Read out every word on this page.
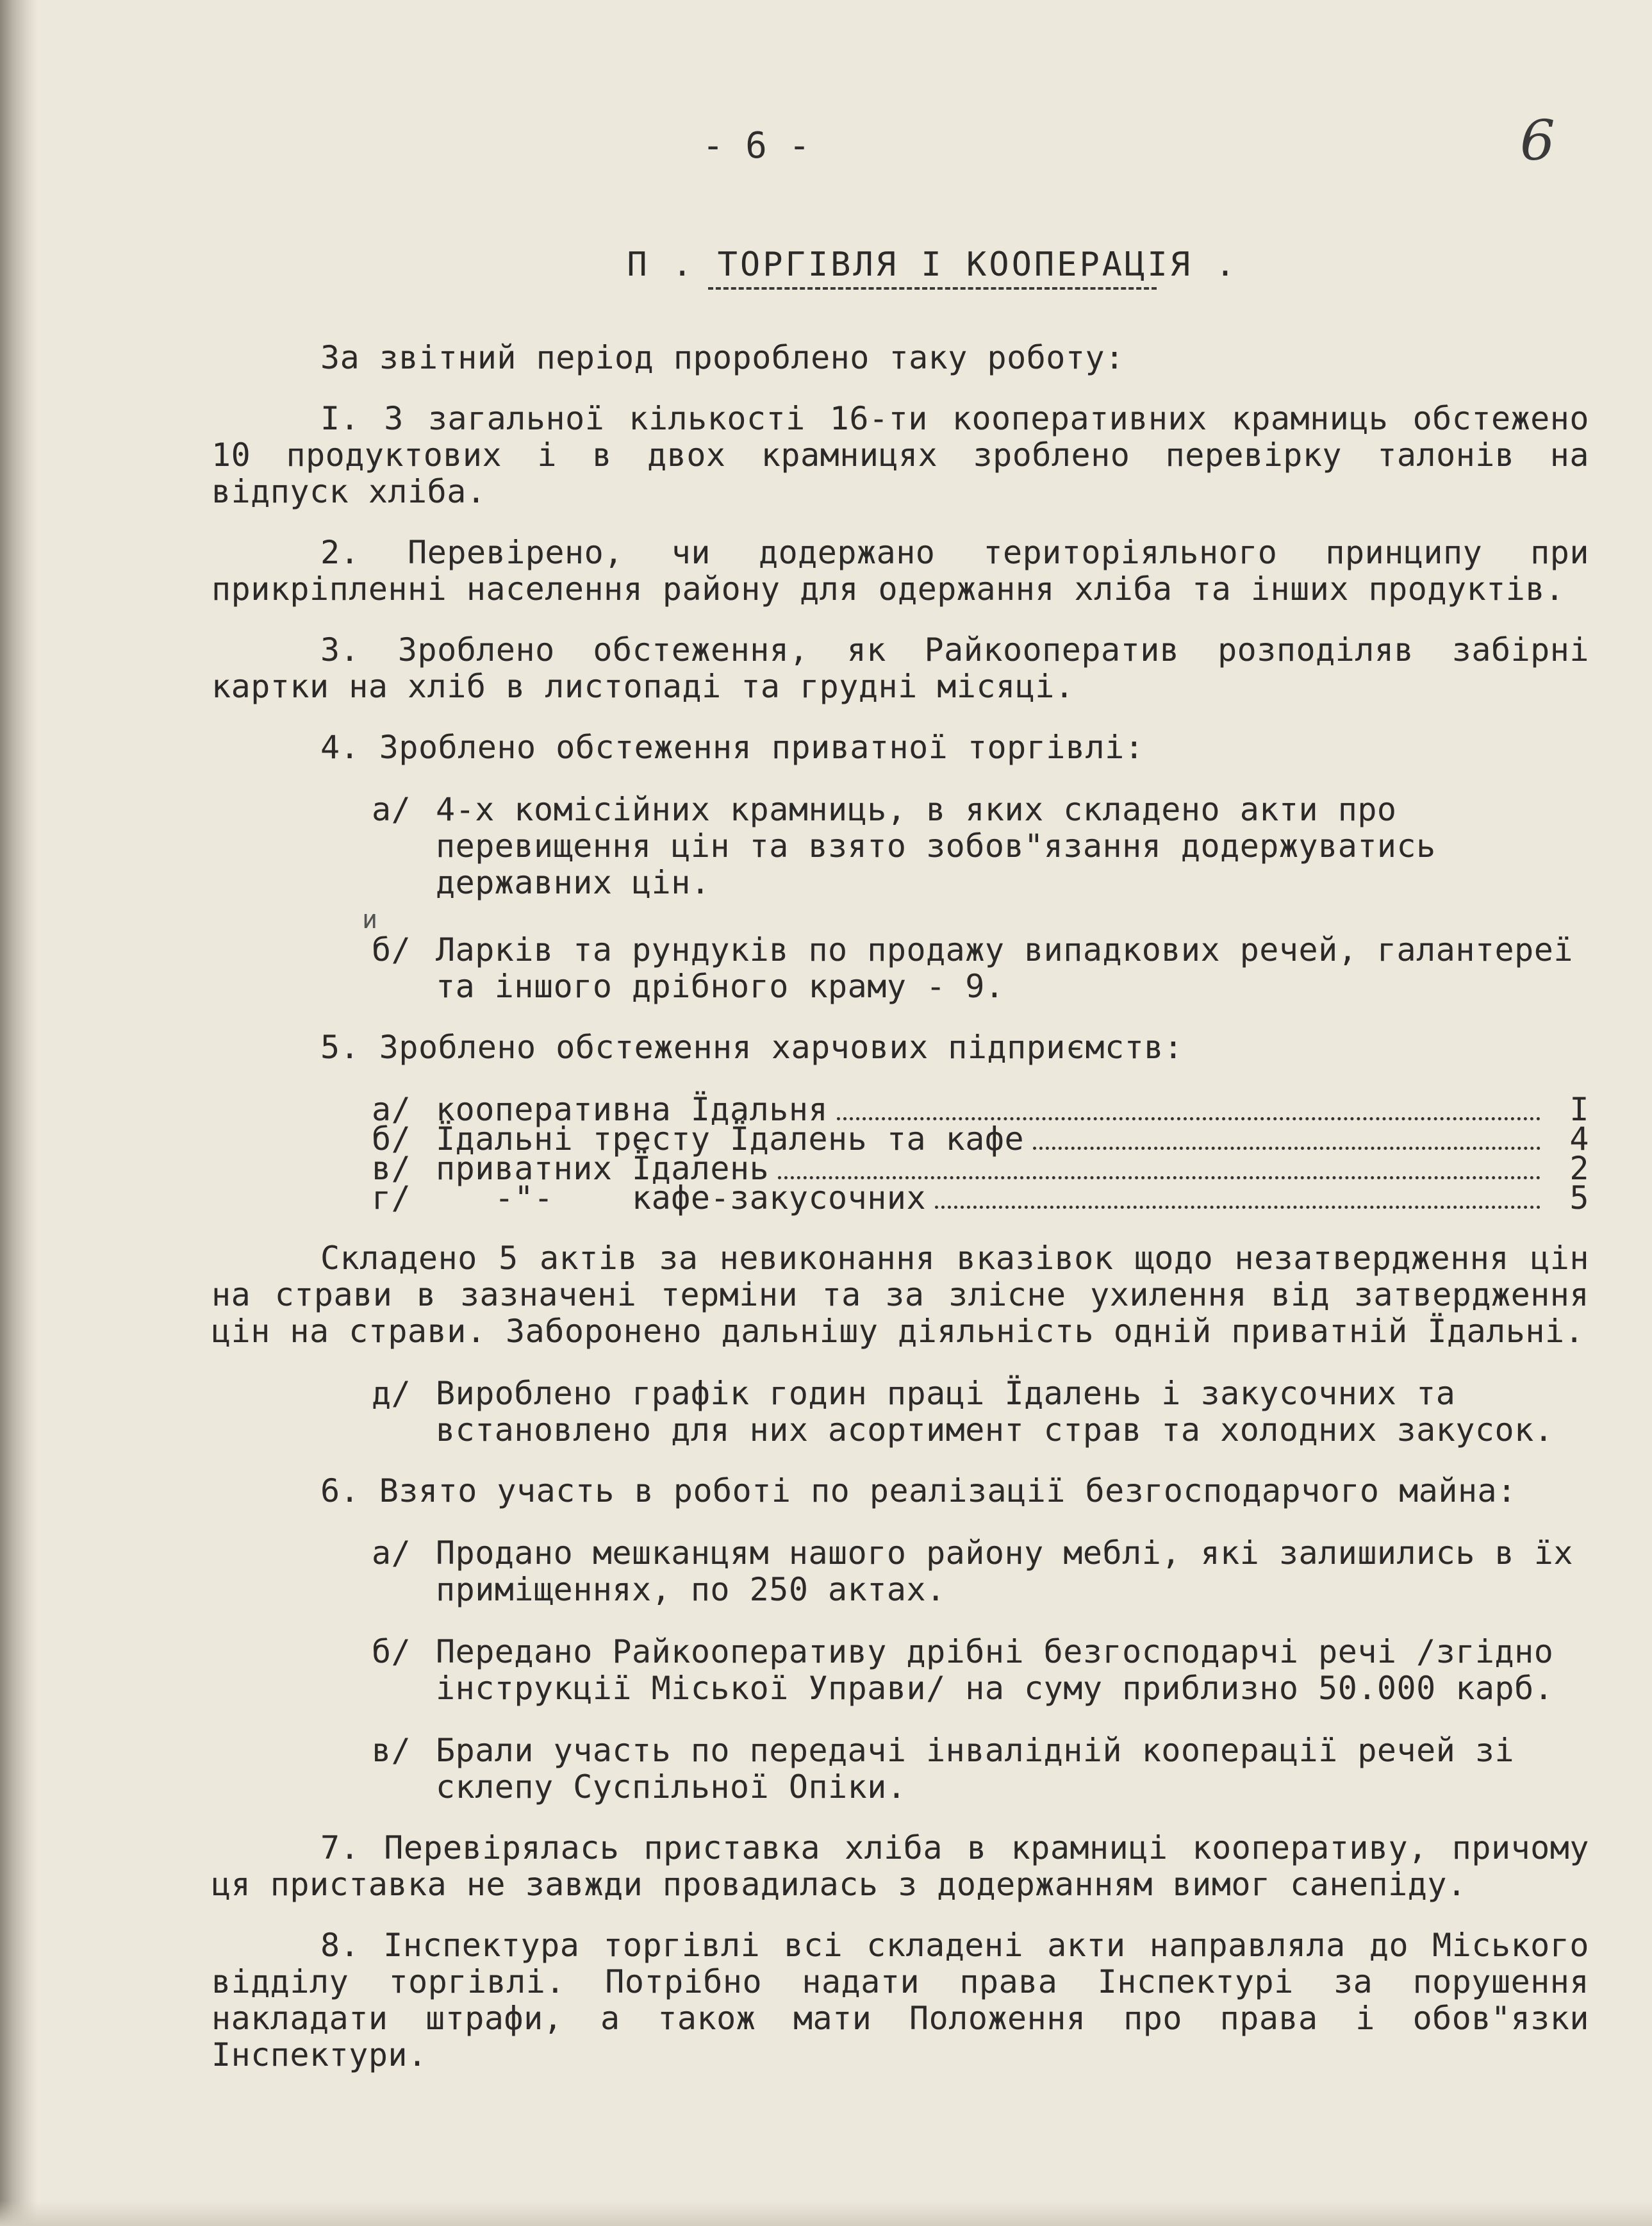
6
- 6 -
П . ТОРГІВЛЯ І КООПЕРАЦІЯ .

За звітний період пророблено таку роботу:

І. З загальної кількості 16-ти кооперативних крамниць обстежено 10 продуктових і в двох крамницях зроблено перевірку талонів на відпуск хліба.

2. Перевірено, чи додержано територіяльного принципу при прикріпленні населення району для одержання хліба та інших продуктів.

3. Зроблено обстеження, як Райкооператив розподіляв забірні картки на хліб в листопаді та грудні місяці.

4. Зроблено обстеження приватної торгівлі:

а/ 4-х комісійних крамниць, в яких складено акти про перевищення цін та взято зобов"язання додержуватись державних цін.
и
б/ Ларків та рундуків по продажу випадкових речей, галантереї та іншого дрібного краму - 9.

5. Зроблено обстеження харчових підприємств:

а/ кооперативна Їдальня	І
б/ Їдальні тресту Їдалень та кафе	4
в/ приватних Їдалень	2
г/ -"-    кафе-закусочних	5

Складено 5 актів за невиконання вказівок щодо незатвердження цін на страви в зазначені терміни та за злісне ухилення від затвердження цін на страви. Заборонено дальнішу діяльність одній приватній Їдальні.

д/ Вироблено графік годин праці Їдалень і закусочних та встановлено для них асортимент страв та холодних закусок.

6. Взято участь в роботі по реалізації безгосподарчого майна:

а/ Продано мешканцям нашого району меблі, які залишились в їх приміщеннях, по 250 актах.
б/ Передано Райкооперативу дрібні безгосподарчі речі /згідно інструкції Міської Управи/ на суму приблизно 50.000 карб.
в/ Брали участь по передачі інвалідній кооперації речей зі склепу Суспільної Опіки.

7. Перевірялась пристaвка хліба в крамниці кооперативу, причому ця пристaвка не завжди провадилась з додержанням вимог санепіду.

8. Інспектура торгівлі всі складені акти направляла до Міського відділу торгівлі. Потрібно надати права Інспектурі за порушення накладати штрафи, а також мати Положення про права і обов"язки Інспектури.
